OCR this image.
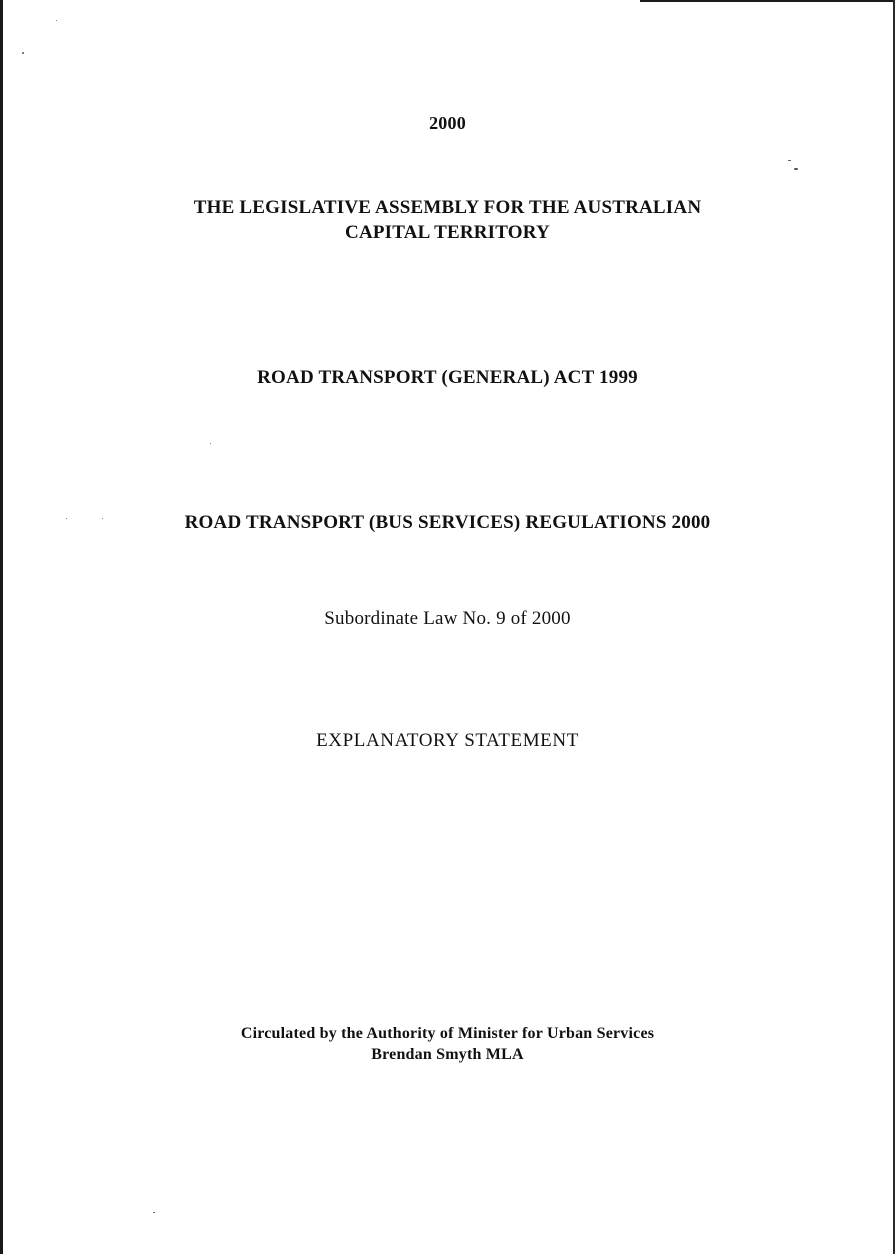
2000
THE LEGISLATIVE ASSEMBLY FOR THE AUSTRALIAN
CAPITAL TERRITORY
ROAD TRANSPORT (GENERAL) ACT 1999
ROAD TRANSPORT (BUS SERVICES) REGULATIONS 2000
Subordinate Law No. 9 of 2000
EXPLANATORY STATEMENT
Circulated by the Authority of Minister for Urban Services
Brendan Smyth MLA
